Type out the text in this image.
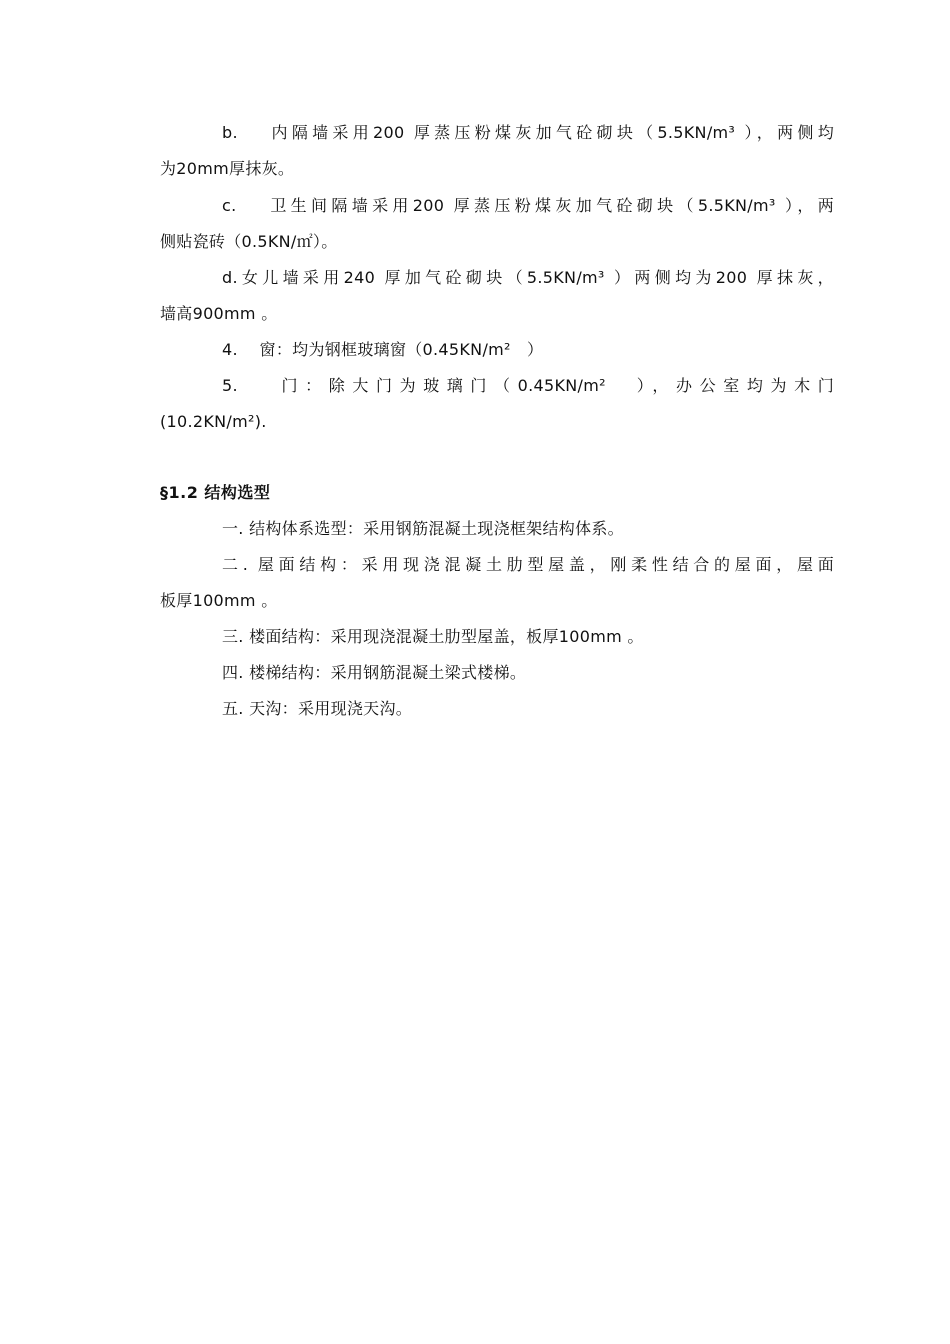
b.　 内隔墙采用200 厚蒸压粉煤灰加气砼砌块（5.5KN/m³ ），两侧均
为20mm厚抹灰。
c.　 卫生间隔墙采用200 厚蒸压粉煤灰加气砼砌块（5.5KN/m³ ），两
侧贴瓷砖（0.5KN/㎡）。
d.女儿墙采用240 厚加气砼砌块（5.5KN/m³ ）两侧均为200 厚抹灰，
墙高900mm 。
4.　 窗：均为钢框玻璃窗（0.45KN/m²　）
5.　 门：除大门为玻璃门（0.45KN/m²　），办公室均为木门
(10.2KN/m²).
§1.2 结构选型
一. 结构体系选型：采用钢筋混凝土现浇框架结构体系。
二. 屋面结构：采用现浇混凝土肋型屋盖，刚柔性结合的屋面，屋面
板厚100mm 。
三. 楼面结构：采用现浇混凝土肋型屋盖，板厚100mm 。
四. 楼梯结构：采用钢筋混凝土梁式楼梯。
五. 天沟：采用现浇天沟。
